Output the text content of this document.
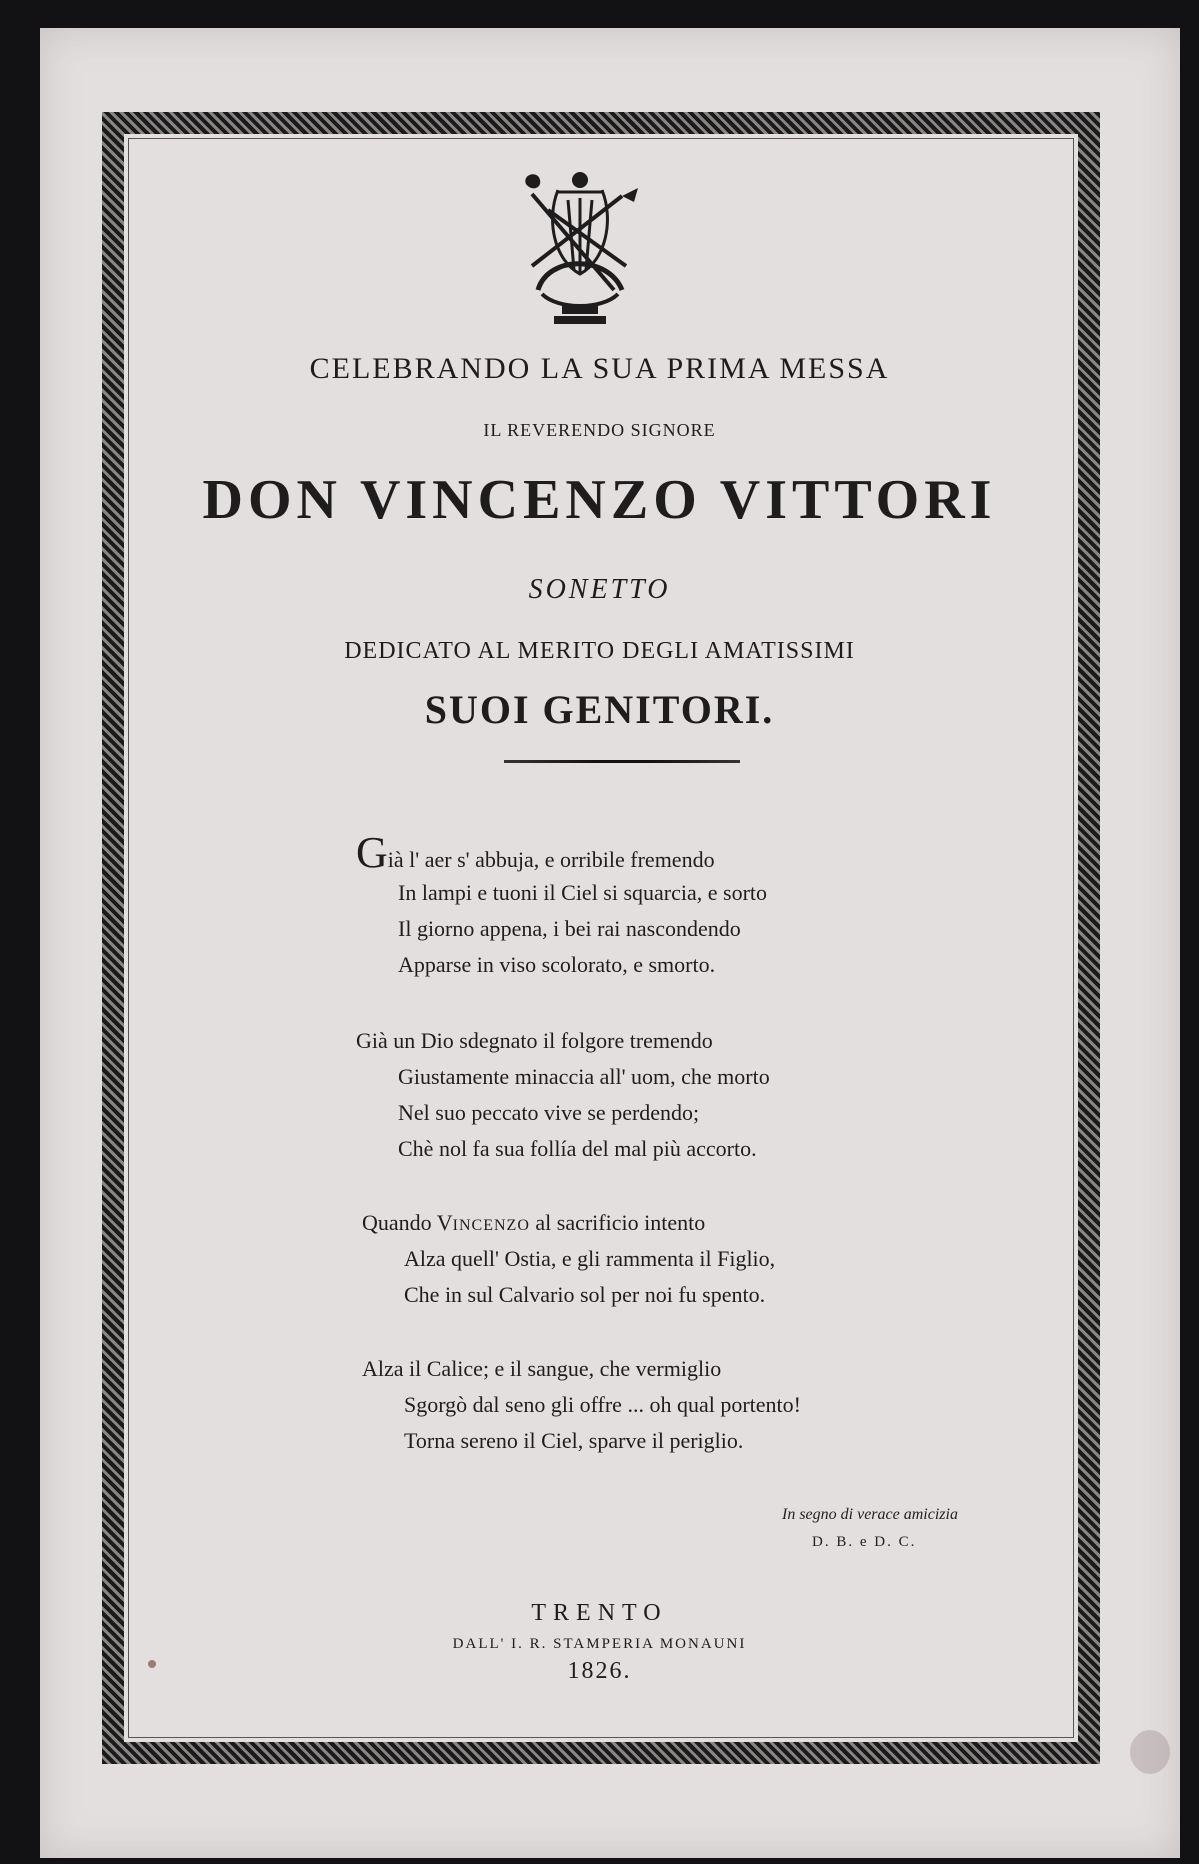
CELEBRANDO LA SUA PRIMA MESSA
IL REVERENDO SIGNORE
DON VINCENZO VITTORI
SONETTO
DEDICATO AL MERITO DEGLI AMATISSIMI
SUOI GENITORI.
Già l' aer s' abbuja, e orribile fremendo
In lampi e tuoni il Ciel si squarcia, e sorto
Il giorno appena, i bei rai nascondendo
Apparse in viso scolorato, e smorto.
Già un Dio sdegnato il folgore tremendo
Giustamente minaccia all' uom, che morto
Nel suo peccato vive se perdendo;
Chè nol fa sua follía del mal più accorto.
Quando VINCENZO al sacrificio intento
Alza quell' Ostia, e gli rammenta il Figlio,
Che in sul Calvario sol per noi fu spento.
Alza il Calice; e il sangue, che vermiglio
Sgorgò dal seno gli offre ... oh qual portento!
Torna sereno il Ciel, sparve il periglio.
In segno di verace amicizia
D. B. e D. C.
TRENTO
DALL' I. R. STAMPERIA MONAUNI
1826.
